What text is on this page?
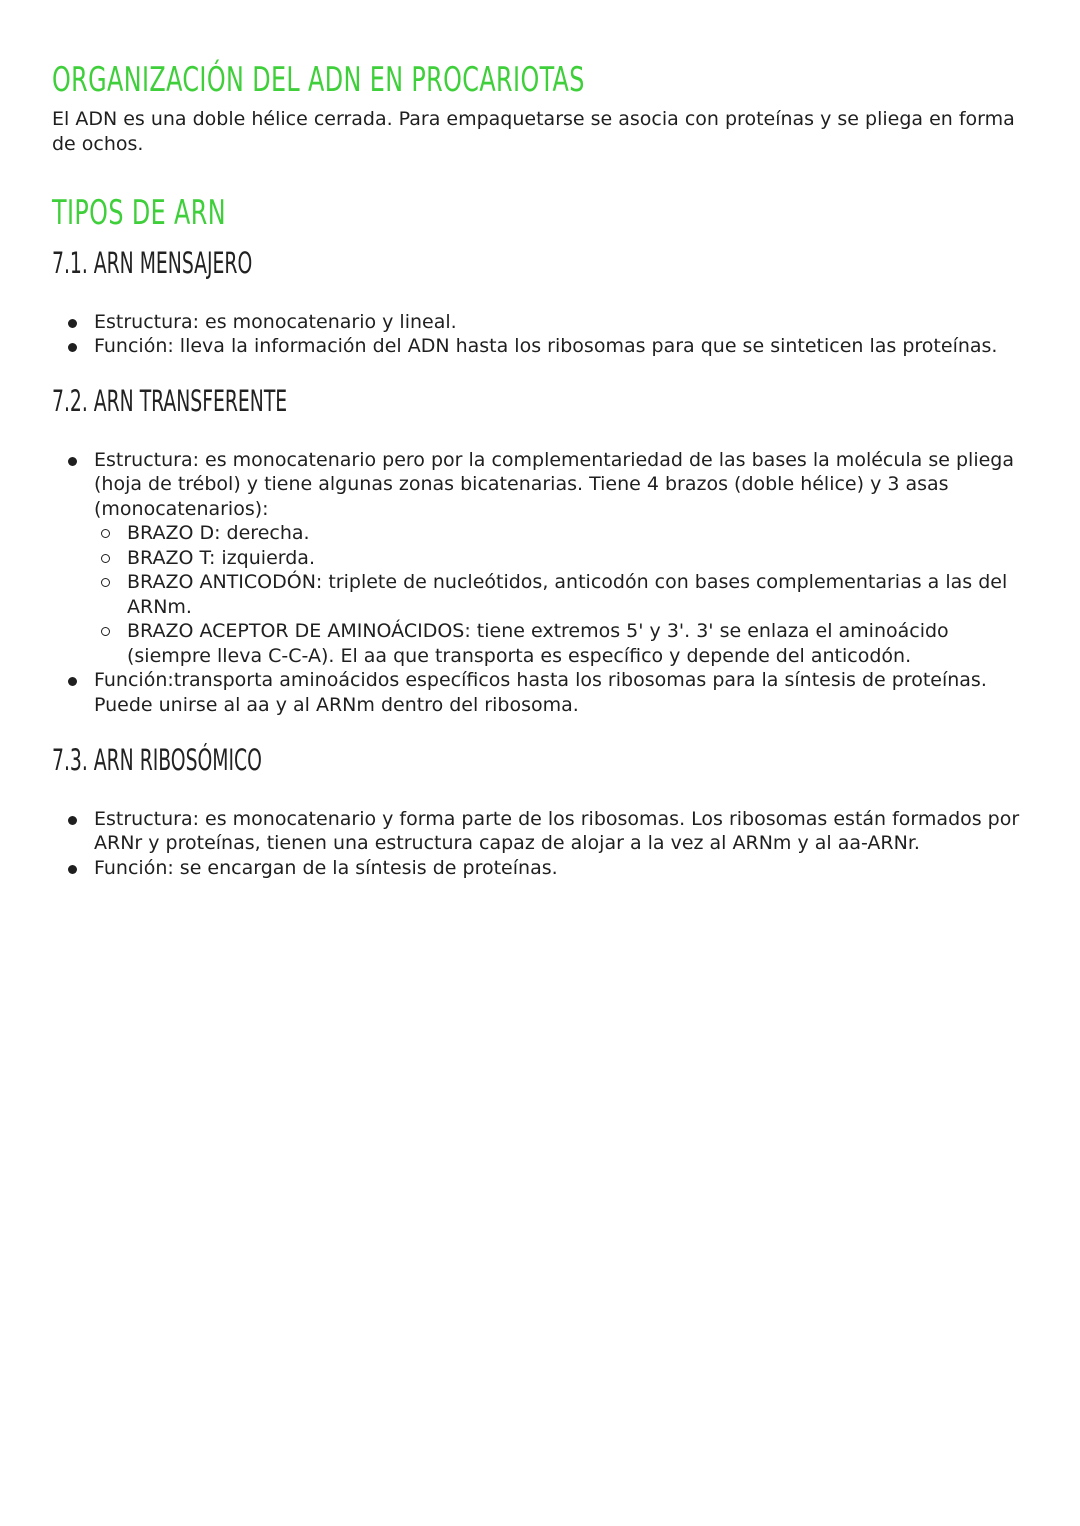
ORGANIZACIÓN DEL ADN EN PROCARIOTAS

El ADN es una doble hélice cerrada. Para empaquetarse se asocia con proteínas y se pliega en forma de ochos.

TIPOS DE ARN
7.1. ARN MENSAJERO
Estructura: es monocatenario y lineal.
Función: lleva la información del ADN hasta los ribosomas para que se sinteticen las proteínas.
7.2. ARN TRANSFERENTE
Estructura: es monocatenario pero por la complementariedad de las bases la molécula se pliega (hoja de trébol) y tiene algunas zonas bicatenarias. Tiene 4 brazos (doble hélice) y 3 asas (monocatenarios):
BRAZO D: derecha.
BRAZO T: izquierda.
BRAZO ANTICODÓN: triplete de nucleótidos, anticodón con bases complementarias a las del ARNm.
BRAZO ACEPTOR DE AMINOÁCIDOS: tiene extremos 5' y 3'. 3' se enlaza el aminoácido (siempre lleva C-C-A). El aa que transporta es específico y depende del anticodón.
Función:transporta aminoácidos específicos hasta los ribosomas para la síntesis de proteínas. Puede unirse al aa y al ARNm dentro del ribosoma.
7.3. ARN RIBOSÓMICO
Estructura: es monocatenario y forma parte de los ribosomas. Los ribosomas están formados por ARNr y proteínas, tienen una estructura capaz de alojar a la vez al ARNm y al aa-ARNr.
Función: se encargan de la síntesis de proteínas.
